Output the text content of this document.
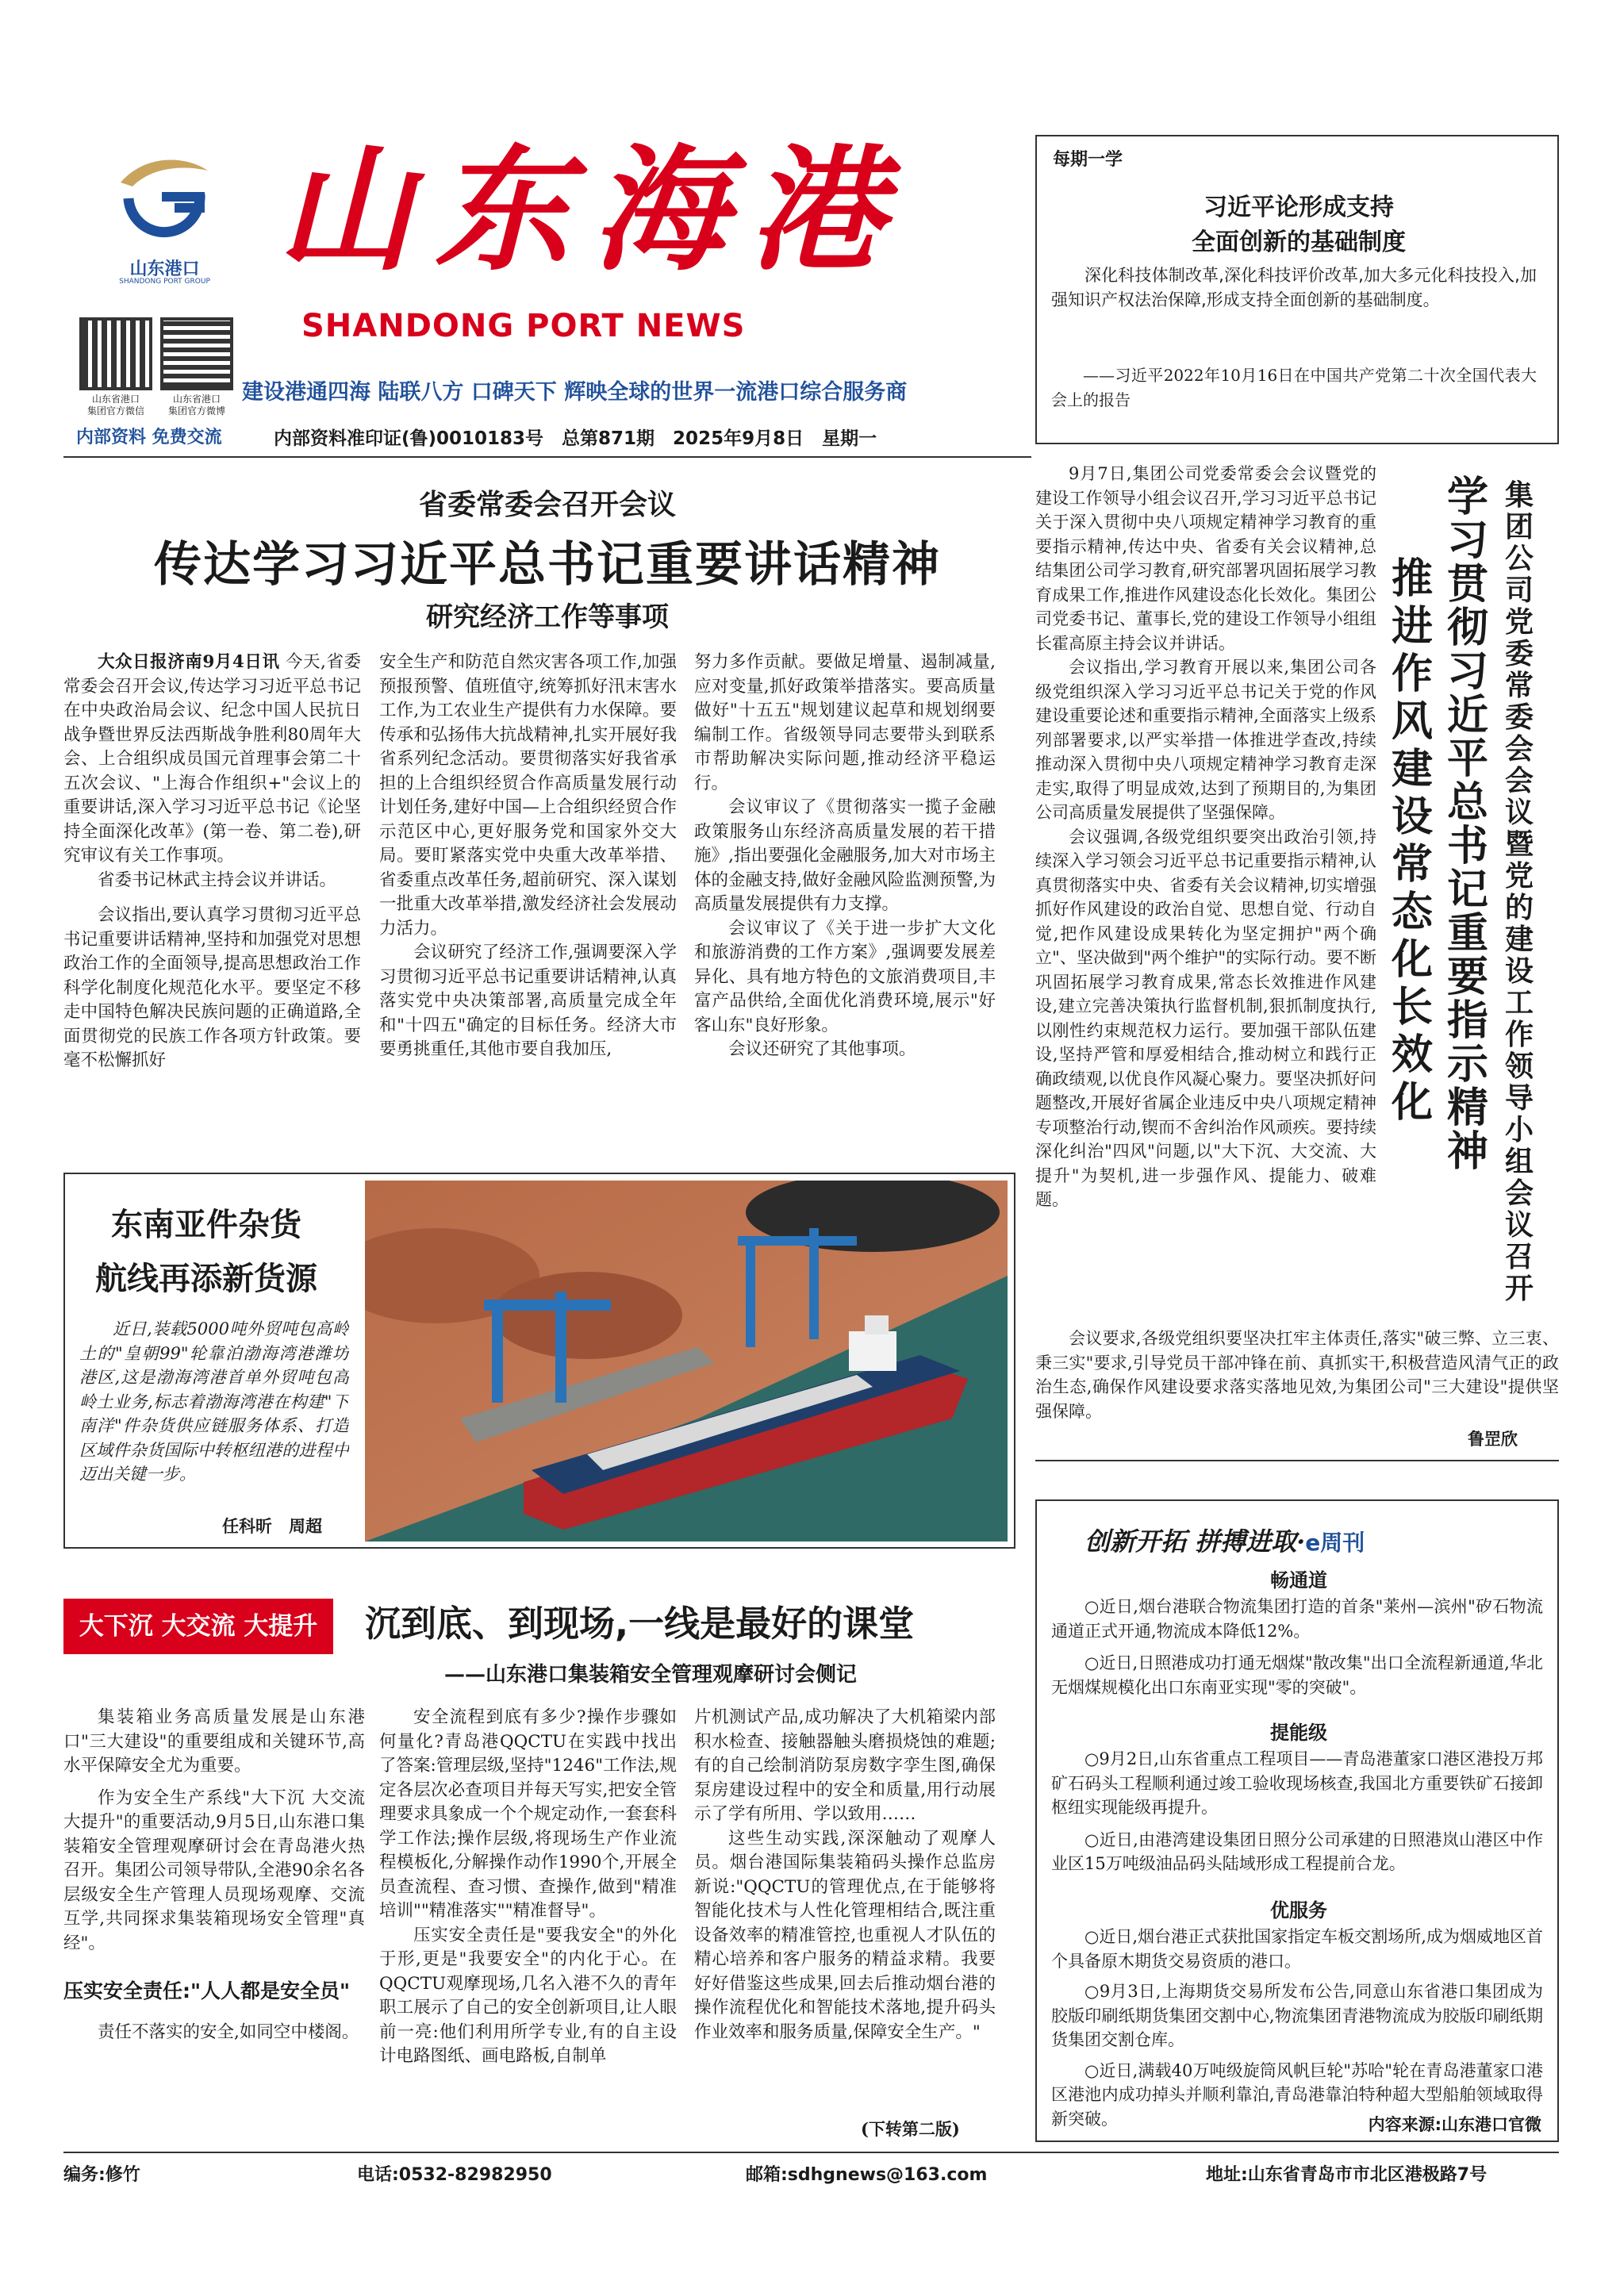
山东港口
SHANDONG PORT GROUP
山东省港口
集团官方微信
山东省港口
集团官方微博
内部资料 免费交流
山东海港
SHANDONG PORT NEWS
建设港通四海 陆联八方 口碑天下 辉映全球的世界一流港口综合服务商
内部资料准印证(鲁)0010183号　总第871期　2025年9月8日　星期一
每期一学
习近平论形成支持
全面创新的基础制度
深化科技体制改革,深化科技评价改革,加大多元化科技投入,加强知识产权法治保障,形成支持全面创新的基础制度。
——习近平2022年10月16日在中国共产党第二十次全国代表大会上的报告
省委常委会召开会议
传达学习习近平总书记重要讲话精神
研究经济工作等事项

大众日报济南9月4日讯 今天,省委常委会召开会议,传达学习习近平总书记在中央政治局会议、纪念中国人民抗日战争暨世界反法西斯战争胜利80周年大会、上合组织成员国元首理事会第二十五次会议、"上海合作组织+"会议上的重要讲话,深入学习习近平总书记《论坚持全面深化改革》(第一卷、第二卷),研究审议有关工作事项。

省委书记林武主持会议并讲话。

会议指出,要认真学习贯彻习近平总书记重要讲话精神,坚持和加强党对思想政治工作的全面领导,提高思想政治工作科学化制度化规范化水平。要坚定不移走中国特色解决民族问题的正确道路,全面贯彻党的民族工作各项方针政策。要毫不松懈抓好

安全生产和防范自然灾害各项工作,加强预报预警、值班值守,统筹抓好汛末害水工作,为工农业生产提供有力水保障。要传承和弘扬伟大抗战精神,扎实开展好我省系列纪念活动。要贯彻落实好我省承担的上合组织经贸合作高质量发展行动计划任务,建好中国—上合组织经贸合作示范区中心,更好服务党和国家外交大局。要盯紧落实党中央重大改革举措、省委重点改革任务,超前研究、深入谋划一批重大改革举措,激发经济社会发展动力活力。

会议研究了经济工作,强调要深入学习贯彻习近平总书记重要讲话精神,认真落实党中央决策部署,高质量完成全年和"十四五"确定的目标任务。经济大市要勇挑重任,其他市要自我加压,

努力多作贡献。要做足增量、遏制减量,应对变量,抓好政策举措落实。要高质量做好"十五五"规划建议起草和规划纲要编制工作。省级领导同志要带头到联系市帮助解决实际问题,推动经济平稳运行。

会议审议了《贯彻落实一揽子金融政策服务山东经济高质量发展的若干措施》,指出要强化金融服务,加大对市场主体的金融支持,做好金融风险监测预警,为高质量发展提供有力支撑。

会议审议了《关于进一步扩大文化和旅游消费的工作方案》,强调要发展差异化、具有地方特色的文旅消费项目,丰富产品供给,全面优化消费环境,展示"好客山东"良好形象。

会议还研究了其他事项。

学习贯彻习近平总书记重要指示精神
推进作风建设常态化长效化
集团公司党委常委会会议暨党的建设工作领导小组会议召开

9月7日,集团公司党委常委会会议暨党的建设工作领导小组会议召开,学习习近平总书记关于深入贯彻中央八项规定精神学习教育的重要指示精神,传达中央、省委有关会议精神,总结集团公司学习教育,研究部署巩固拓展学习教育成果工作,推进作风建设态化长效化。集团公司党委书记、董事长,党的建设工作领导小组组长霍高原主持会议并讲话。

会议指出,学习教育开展以来,集团公司各级党组织深入学习习近平总书记关于党的作风建设重要论述和重要指示精神,全面落实上级系列部署要求,以严实举措一体推进学查改,持续推动深入贯彻中央八项规定精神学习教育走深走实,取得了明显成效,达到了预期目的,为集团公司高质量发展提供了坚强保障。

会议强调,各级党组织要突出政治引领,持续深入学习领会习近平总书记重要指示精神,认真贯彻落实中央、省委有关会议精神,切实增强抓好作风建设的政治自觉、思想自觉、行动自觉,把作风建设成果转化为坚定拥护"两个确立"、坚决做到"两个维护"的实际行动。要不断巩固拓展学习教育成果,常态长效推进作风建设,建立完善决策执行监督机制,狠抓制度执行,以刚性约束规范权力运行。要加强干部队伍建设,坚持严管和厚爱相结合,推动树立和践行正确政绩观,以优良作风凝心聚力。要坚决抓好问题整改,开展好省属企业违反中央八项规定精神专项整治行动,锲而不舍纠治作风顽疾。要持续深化纠治"四风"问题,以"大下沉、大交流、大提升"为契机,进一步强作风、提能力、破难题。

会议要求,各级党组织要坚决扛牢主体责任,落实"破三弊、立三衷、秉三实"要求,引导党员干部冲锋在前、真抓实干,积极营造风清气正的政治生态,确保作风建设要求落实落地见效,为集团公司"三大建设"提供坚强保障。

鲁罡欣
东南亚件杂货
航线再添新货源

近日,装载5000吨外贸吨包高岭土的"皇朝99"轮靠泊渤海湾港潍坊港区,这是渤海湾港首单外贸吨包高岭土业务,标志着渤海湾港在构建"下南洋"件杂货供应链服务体系、打造区域件杂货国际中转枢纽港的进程中迈出关键一步。

任科昕　周超
大下沉 大交流 大提升	沉到底、到现场,一线是最好的课堂
——山东港口集装箱安全管理观摩研讨会侧记

集装箱业务高质量发展是山东港口"三大建设"的重要组成和关键环节,高水平保障安全尤为重要。

作为安全生产系线"大下沉 大交流 大提升"的重要活动,9月5日,山东港口集装箱安全管理观摩研讨会在青岛港火热召开。集团公司领导带队,全港90余名各层级安全生产管理人员现场观摩、交流互学,共同探求集装箱现场安全管理"真经"。

压实安全责任:"人人都是安全员"

责任不落实的安全,如同空中楼阁。

安全流程到底有多少?操作步骤如何量化?青岛港QQCTU在实践中找出了答案:管理层级,坚持"1246"工作法,规定各层次必查项目并每天写实,把安全管理要求具象成一个个规定动作,一套套科学工作法;操作层级,将现场生产作业流程模板化,分解操作动作1990个,开展全员查流程、查习惯、查操作,做到"精准培训""精准落实""精准督导"。

压实安全责任是"要我安全"的外化于形,更是"我要安全"的内化于心。在QQCTU观摩现场,几名入港不久的青年职工展示了自己的安全创新项目,让人眼前一亮:他们利用所学专业,有的自主设计电路图纸、画电路板,自制单

片机测试产品,成功解决了大机箱梁内部积水检查、接触器触头磨损烧蚀的难题;有的自己绘制消防泵房数字孪生图,确保泵房建设过程中的安全和质量,用行动展示了学有所用、学以致用……

这些生动实践,深深触动了观摩人员。烟台港国际集装箱码头操作总监房新说:"QQCTU的管理优点,在于能够将智能化技术与人性化管理相结合,既注重设备效率的精准管控,也重视人才队伍的精心培养和客户服务的精益求精。我要好好借鉴这些成果,回去后推动烟台港的操作流程优化和智能技术落地,提升码头作业效率和服务质量,保障安全生产。"

(下转第二版)
创新开拓 拼搏进取·e周刊
畅通道

○近日,烟台港联合物流集团打造的首条"莱州—滨州"矽石物流通道正式开通,物流成本降低12%。

○近日,日照港成功打通无烟煤"散改集"出口全流程新通道,华北无烟煤规模化出口东南亚实现"零的突破"。

提能级

○9月2日,山东省重点工程项目——青岛港董家口港区港投万邦矿石码头工程顺利通过竣工验收现场核查,我国北方重要铁矿石接卸枢纽实现能级再提升。

○近日,由港湾建设集团日照分公司承建的日照港岚山港区中作业区15万吨级油品码头陆域形成工程提前合龙。

优服务

○近日,烟台港正式获批国家指定车板交割场所,成为烟威地区首个具备原木期货交易资质的港口。

○9月3日,上海期货交易所发布公告,同意山东省港口集团成为胶版印刷纸期货集团交割中心,物流集团青港物流成为胶版印刷纸期货集团交割仓库。

○近日,满载40万吨级旋筒风帆巨轮"苏哈"轮在青岛港董家口港区港池内成功掉头并顺利靠泊,青岛港靠泊特种超大型船舶领域取得新突破。	内容来源:山东港口官微
编务:修竹	电话:0532-82982950	邮箱:sdhgnews@163.com	地址:山东省青岛市市北区港极路7号
